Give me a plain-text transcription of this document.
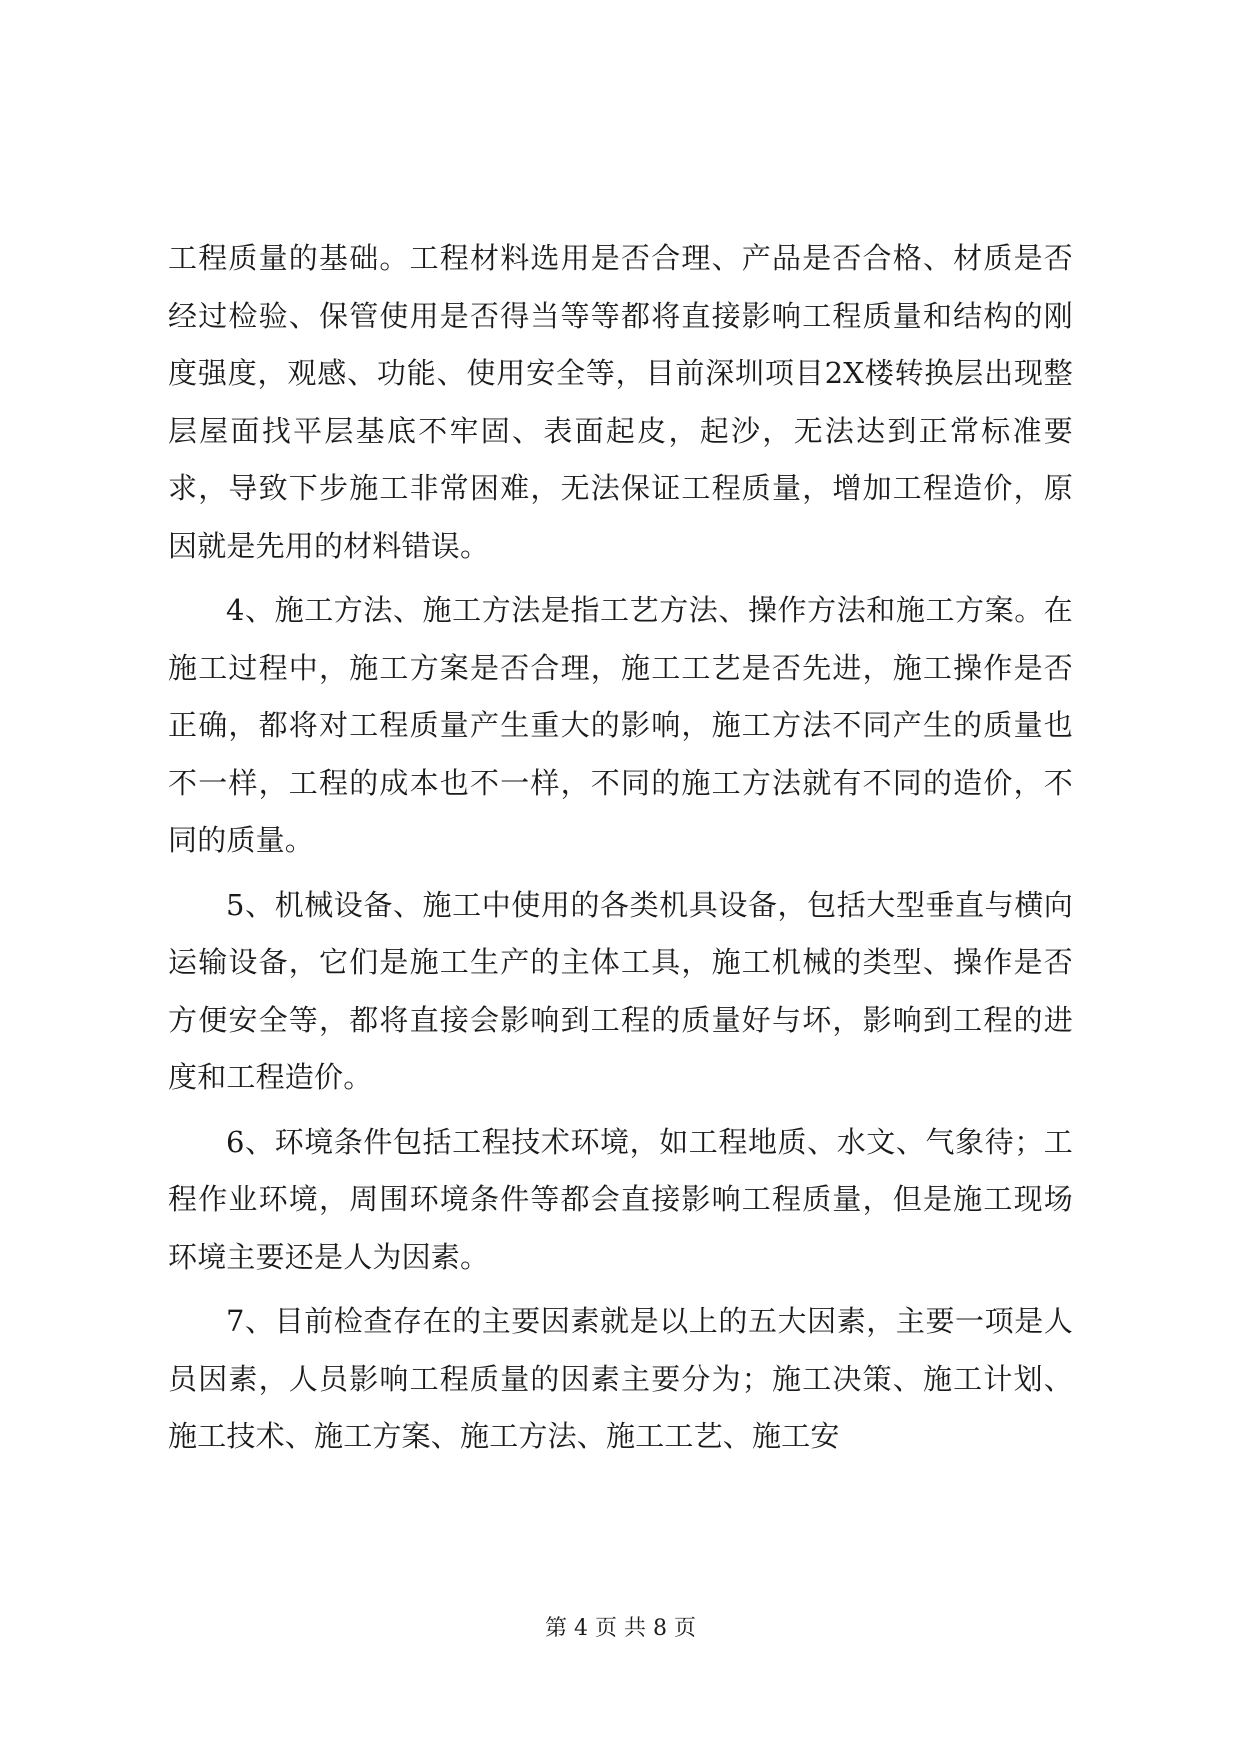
工程质量的基础。工程材料选用是否合理、产品是否合格、材质是否经过检验、保管使用是否得当等等都将直接影响工程质量和结构的刚度强度，观感、功能、使用安全等，目前深圳项目2X楼转换层出现整层屋面找平层基底不牢固、表面起皮，起沙，无法达到正常标准要求，导致下步施工非常困难，无法保证工程质量，增加工程造价，原因就是先用的材料错误。

4、施工方法、施工方法是指工艺方法、操作方法和施工方案。在施工过程中，施工方案是否合理，施工工艺是否先进，施工操作是否正确，都将对工程质量产生重大的影响，施工方法不同产生的质量也不一样，工程的成本也不一样，不同的施工方法就有不同的造价，不同的质量。

5、机械设备、施工中使用的各类机具设备，包括大型垂直与横向运输设备，它们是施工生产的主体工具，施工机械的类型、操作是否方便安全等，都将直接会影响到工程的质量好与坏，影响到工程的进度和工程造价。

6、环境条件包括工程技术环境，如工程地质、水文、气象待；工程作业环境，周围环境条件等都会直接影响工程质量，但是施工现场环境主要还是人为因素。

7、目前检查存在的主要因素就是以上的五大因素，主要一项是人员因素，人员影响工程质量的因素主要分为；施工决策、施工计划、施工技术、施工方案、施工方法、施工工艺、施工安

第 4 页 共 8 页
